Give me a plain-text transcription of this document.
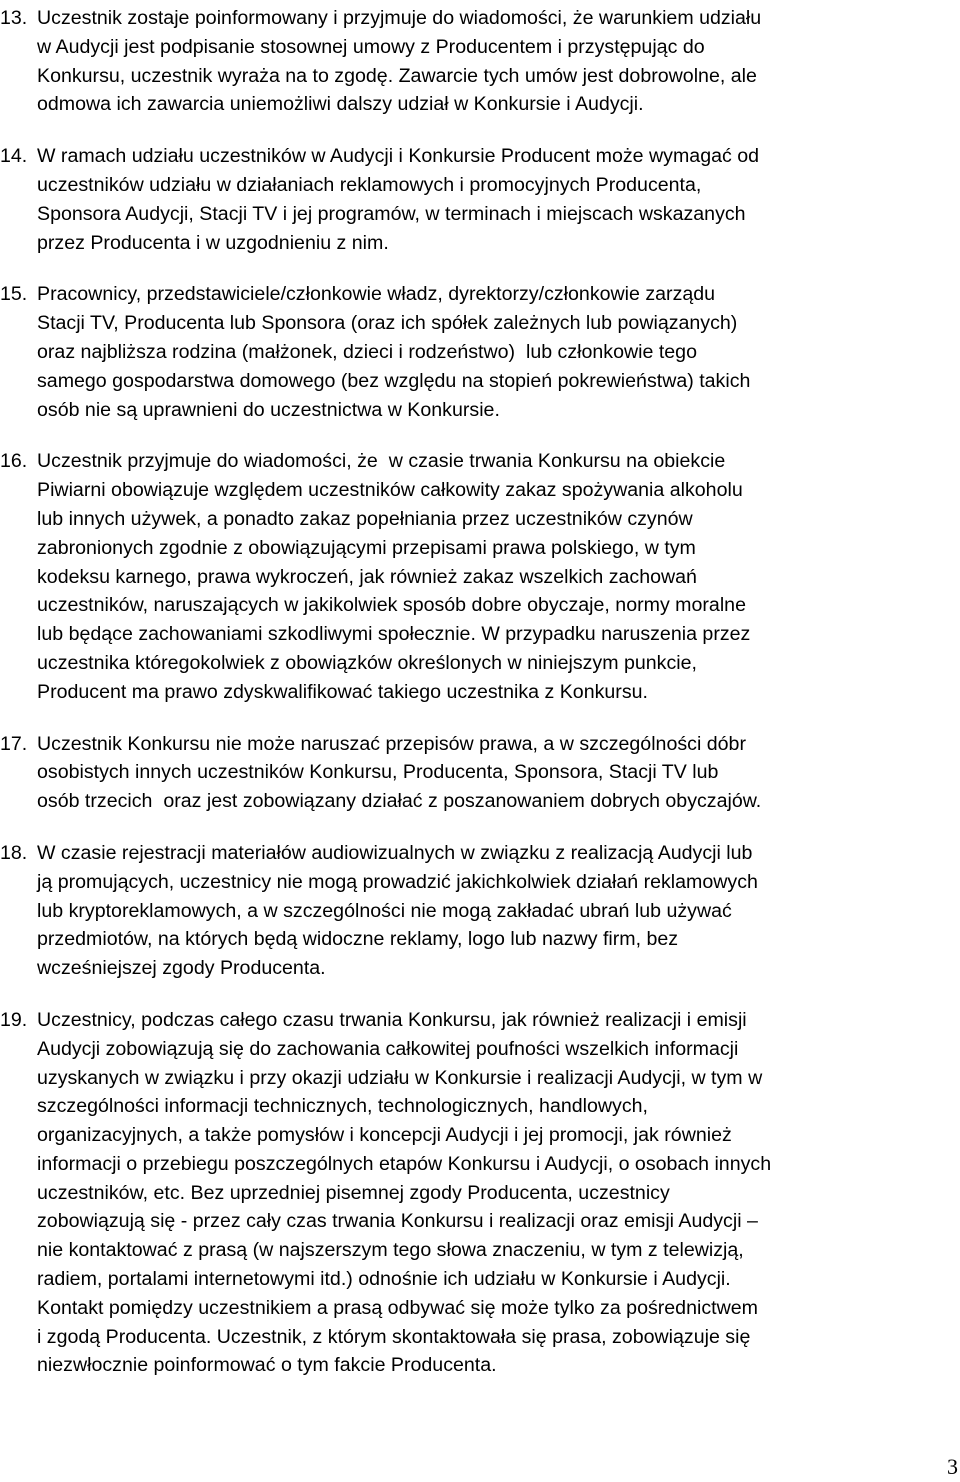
13. Uczestnik zostaje poinformowany i przyjmuje do wiadomości, że warunkiem udziału
w Audycji jest podpisanie stosownej umowy z Producentem i przystępując do
Konkursu, uczestnik wyraża na to zgodę. Zawarcie tych umów jest dobrowolne, ale
odmowa ich zawarcia uniemożliwi dalszy udział w Konkursie i Audycji.
14. W ramach udziału uczestników w Audycji i Konkursie Producent może wymagać od
uczestników udziału w działaniach reklamowych i promocyjnych Producenta,
Sponsora Audycji, Stacji TV i jej programów, w terminach i miejscach wskazanych
przez Producenta i w uzgodnieniu z nim.
15. Pracownicy, przedstawiciele/członkowie władz, dyrektorzy/członkowie zarządu
Stacji TV, Producenta lub Sponsora (oraz ich spółek zależnych lub powiązanych)
oraz najbliższa rodzina (małżonek, dzieci i rodzeństwo)  lub członkowie tego
samego gospodarstwa domowego (bez względu na stopień pokrewieństwa) takich
osób nie są uprawnieni do uczestnictwa w Konkursie.
16. Uczestnik przyjmuje do wiadomości, że  w czasie trwania Konkursu na obiekcie
Piwiarni obowiązuje względem uczestników całkowity zakaz spożywania alkoholu
lub innych używek, a ponadto zakaz popełniania przez uczestników czynów
zabronionych zgodnie z obowiązującymi przepisami prawa polskiego, w tym
kodeksu karnego, prawa wykroczeń, jak również zakaz wszelkich zachowań
uczestników, naruszających w jakikolwiek sposób dobre obyczaje, normy moralne
lub będące zachowaniami szkodliwymi społecznie. W przypadku naruszenia przez
uczestnika któregokolwiek z obowiązków określonych w niniejszym punkcie,
Producent ma prawo zdyskwalifikować takiego uczestnika z Konkursu.
17. Uczestnik Konkursu nie może naruszać przepisów prawa, a w szczególności dóbr
osobistych innych uczestników Konkursu, Producenta, Sponsora, Stacji TV lub
osób trzecich  oraz jest zobowiązany działać z poszanowaniem dobrych obyczajów.
18. W czasie rejestracji materiałów audiowizualnych w związku z realizacją Audycji lub
ją promujących, uczestnicy nie mogą prowadzić jakichkolwiek działań reklamowych
lub kryptoreklamowych, a w szczególności nie mogą zakładać ubrań lub używać
przedmiotów, na których będą widoczne reklamy, logo lub nazwy firm, bez
wcześniejszej zgody Producenta.
19. Uczestnicy, podczas całego czasu trwania Konkursu, jak również realizacji i emisji
Audycji zobowiązują się do zachowania całkowitej poufności wszelkich informacji
uzyskanych w związku i przy okazji udziału w Konkursie i realizacji Audycji, w tym w
szczególności informacji technicznych, technologicznych, handlowych,
organizacyjnych, a także pomysłów i koncepcji Audycji i jej promocji, jak również
informacji o przebiegu poszczególnych etapów Konkursu i Audycji, o osobach innych
uczestników, etc. Bez uprzedniej pisemnej zgody Producenta, uczestnicy
zobowiązują się - przez cały czas trwania Konkursu i realizacji oraz emisji Audycji –
nie kontaktować z prasą (w najszerszym tego słowa znaczeniu, w tym z telewizją,
radiem, portalami internetowymi itd.) odnośnie ich udziału w Konkursie i Audycji.
Kontakt pomiędzy uczestnikiem a prasą odbywać się może tylko za pośrednictwem
i zgodą Producenta. Uczestnik, z którym skontaktowała się prasa, zobowiązuje się
niezwłocznie poinformować o tym fakcie Producenta.
3
